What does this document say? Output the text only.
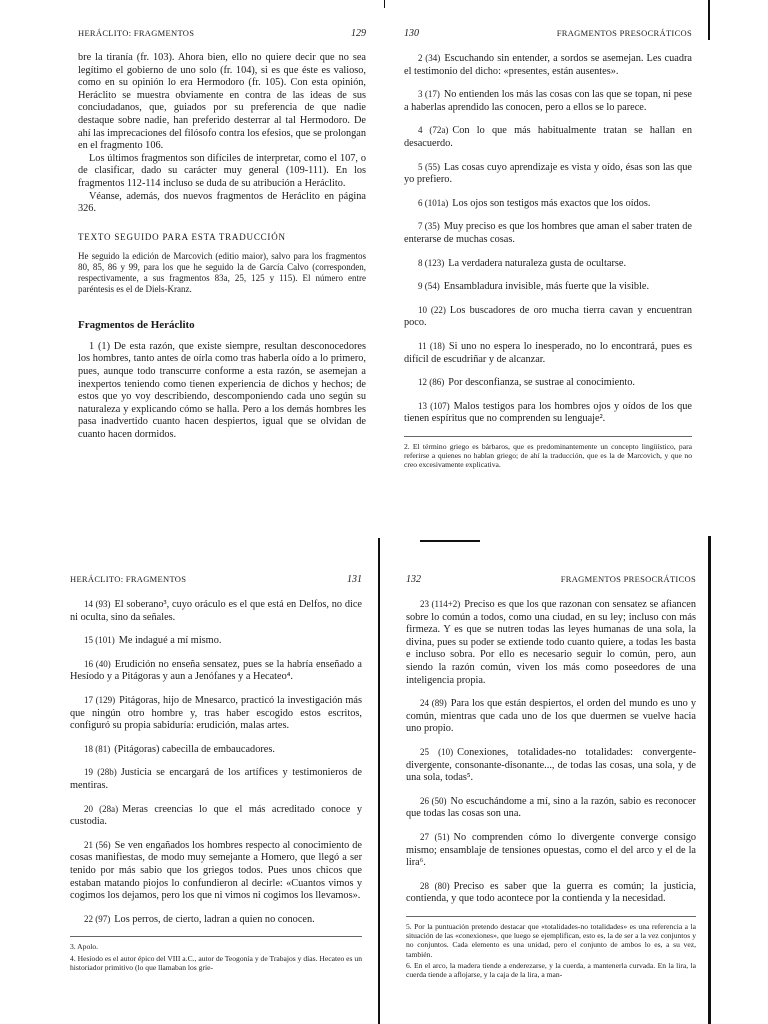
HERÁCLITO: FRAGMENTOS	129

bre la tiranía (fr. 103). Ahora bien, ello no quiere decir que no sea legítimo el gobierno de uno solo (fr. 104), si es que éste es valioso, como en su opinión lo era Hermodoro (fr. 105). Con esta opinión, Heráclito se muestra obviamente en contra de las ideas de sus conciudadanos, que, guiados por su preferencia de que nadie destaque sobre nadie, han preferido desterrar al tal Hermodoro. De ahí las imprecaciones del filósofo contra los efesios, que se prolongan en el fragmento 106.

Los últimos fragmentos son difíciles de interpretar, como el 107, o de clasificar, dado su carácter muy general (109-111). En los fragmentos 112-114 incluso se duda de su atribución a Heráclito.

Véanse, además, dos nuevos fragmentos de Heráclito en página 326.

TEXTO SEGUIDO PARA ESTA TRADUCCIÓN

He seguido la edición de Marcovich (editio maior), salvo para los fragmentos 80, 85, 86 y 99, para los que he seguido la de García Calvo (corresponden, respectivamente, a sus fragmentos 83a, 25, 125 y 115). El número entre paréntesis es el de Diels-Kranz.

Fragmentos de Heráclito

1 (1) De esta razón, que existe siempre, resultan desconocedores los hombres, tanto antes de oírla como tras haberla oído a lo primero, pues, aunque todo transcurre conforme a esta razón, se asemejan a inexpertos teniendo como tienen experiencia de dichos y hechos; de estos que yo voy describiendo, descomponiendo cada uno según su naturaleza y explicando cómo se halla. Pero a los demás hombres les pasa inadvertido cuanto hacen despiertos, igual que se olvidan de cuanto hacen dormidos.

130	FRAGMENTOS PRESOCRÁTICOS

2 (34) Escuchando sin entender, a sordos se asemejan. Les cuadra el testimonio del dicho: «presentes, están ausentes».

3 (17) No entienden los más las cosas con las que se topan, ni pese a haberlas aprendido las conocen, pero a ellos se lo parece.

4 (72a) Con lo que más habitualmente tratan se hallan en desacuerdo.

5 (55) Las cosas cuyo aprendizaje es vista y oído, ésas son las que yo prefiero.

6 (101a) Los ojos son testigos más exactos que los oídos.

7 (35) Muy preciso es que los hombres que aman el saber traten de enterarse de muchas cosas.

8 (123) La verdadera naturaleza gusta de ocultarse.

9 (54) Ensambladura invisible, más fuerte que la visible.

10 (22) Los buscadores de oro mucha tierra cavan y encuentran poco.

11 (18) Si uno no espera lo inesperado, no lo encontrará, pues es difícil de escudriñar y de alcanzar.

12 (86) Por desconfianza, se sustrae al conocimiento.

13 (107) Malos testigos para los hombres ojos y oídos de los que tienen espíritus que no comprenden su lenguaje².

2. El término griego es bárbaros, que es predominantemente un concepto lingüístico, para referirse a quienes no hablan griego; de ahí la traducción, que es la de Marcovich, y que no creo excesivamente explicativa.

HERÁCLITO: FRAGMENTOS	131

14 (93) El soberano³, cuyo oráculo es el que está en Delfos, no dice ni oculta, sino da señales.

15 (101) Me indagué a mí mismo.

16 (40) Erudición no enseña sensatez, pues se la habría enseñado a Hesíodo y a Pitágoras y aun a Jenófanes y a Hecateo⁴.

17 (129) Pitágoras, hijo de Mnesarco, practicó la investigación más que ningún otro hombre y, tras haber escogido estos escritos, configuró su propia sabiduría: erudición, malas artes.

18 (81) (Pitágoras) cabecilla de embaucadores.

19 (28b) Justicia se encargará de los artífices y testimonieros de mentiras.

20 (28a) Meras creencias lo que el más acreditado conoce y custodia.

21 (56) Se ven engañados los hombres respecto al conocimiento de cosas manifiestas, de modo muy semejante a Homero, que llegó a ser tenido por más sabio que los griegos todos. Pues unos chicos que estaban matando piojos lo confundieron al decirle: «Cuantos vimos y cogimos los dejamos, pero los que ni vimos ni cogimos los llevamos».

22 (97) Los perros, de cierto, ladran a quien no conocen.

3. Apolo.

4. Hesíodo es el autor épico del VIII a.C., autor de Teogonía y de Trabajos y días. Hecateo es un historiador primitivo (lo que llamaban los grie-

132	FRAGMENTOS PRESOCRÁTICOS

23 (114+2) Preciso es que los que razonan con sensatez se afiancen sobre lo común a todos, como una ciudad, en su ley; incluso con más firmeza. Y es que se nutren todas las leyes humanas de una sola, la divina, pues su poder se extiende todo cuanto quiere, a todas les basta e incluso sobra. Por ello es necesario seguir lo común, pero, aun siendo la razón común, viven los más como poseedores de una inteligencia propia.

24 (89) Para los que están despiertos, el orden del mundo es uno y común, mientras que cada uno de los que duermen se vuelve hacia uno propio.

25 (10) Conexiones, totalidades-no totalidades: convergente-divergente, consonante-disonante..., de todas las cosas, una sola, y de una sola, todas⁵.

26 (50) No escuchándome a mí, sino a la razón, sabio es reconocer que todas las cosas son una.

27 (51) No comprenden cómo lo divergente converge consigo mismo; ensamblaje de tensiones opuestas, como el del arco y el de la lira⁶.

28 (80) Preciso es saber que la guerra es común; la justicia, contienda, y que todo acontece por la contienda y la necesidad.

5. Por la puntuación pretendo destacar que «totalidades-no totalidades» es una referencia a la situación de las «conexiones», que luego se ejemplifican, esto es, la de ser a la vez conjuntos y no conjuntos. Cada elemento es una unidad, pero el conjunto de ambos lo es, a su vez, también.

6. En el arco, la madera tiende a enderezarse, y la cuerda, a mantenerla curvada. En la lira, la cuerda tiende a aflojarse, y la caja de la lira, a man-
